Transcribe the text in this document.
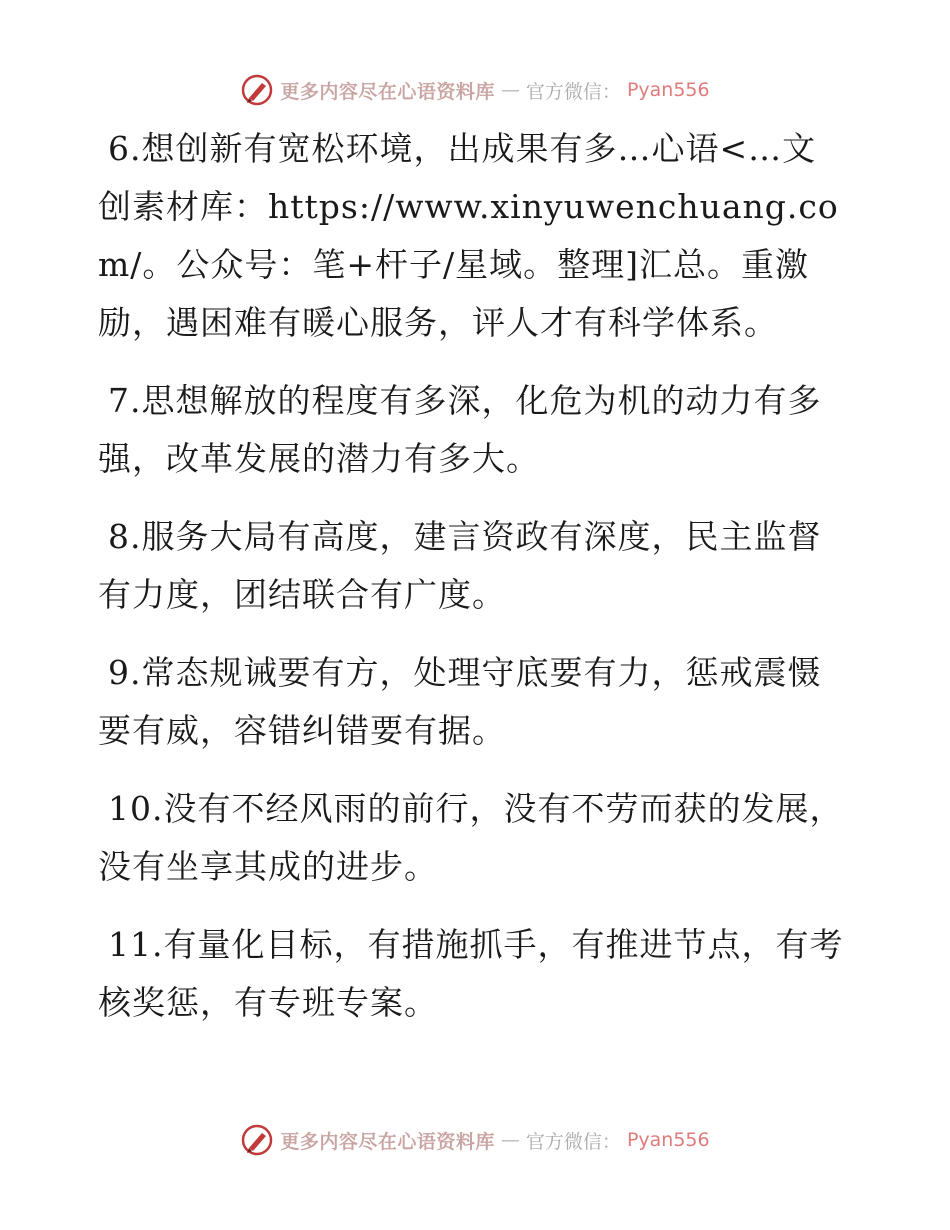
更多内容尽在心语资料库 — 官方微信： Pyan556

6.想创新有宽松环境，出成果有多…心语<…文创素材库：https://www.xinyuwenchuang.com/。公众号：笔+杆子/星域。整理]汇总。重激励，遇困难有暖心服务，评人才有科学体系。

7.思想解放的程度有多深，化危为机的动力有多强，改革发展的潜力有多大。

8.服务大局有高度，建言资政有深度，民主监督有力度，团结联合有广度。

9.常态规诫要有方，处理守底要有力，惩戒震慑要有威，容错纠错要有据。

10.没有不经风雨的前行，没有不劳而获的发展，没有坐享其成的进步。

11.有量化目标，有措施抓手，有推进节点，有考核奖惩，有专班专案。

更多内容尽在心语资料库 — 官方微信： Pyan556
